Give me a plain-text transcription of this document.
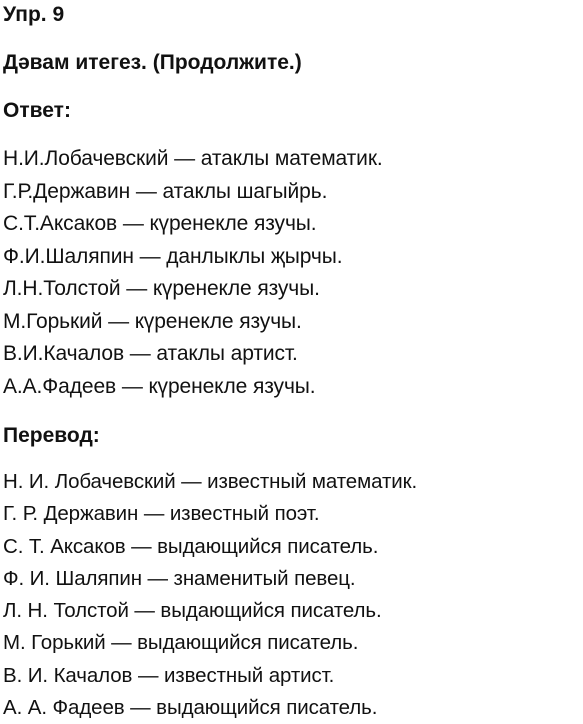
Упр. 9
Дәвам итегез. (Продолжите.)
Ответ:
Н.И.Лобачевский — атаклы математик.
Г.Р.Державин — атаклы шагыйрь.
С.Т.Аксаков — күренекле язучы.
Ф.И.Шаляпин — данлыклы җырчы.
Л.Н.Толстой — күренекле язучы.
М.Горький — күренекле язучы.
В.И.Качалов — атаклы артист.
А.А.Фадеев — күренекле язучы.
Перевод:
Н. И. Лобачевский — известный математик.
Г. Р. Державин — известный поэт.
С. Т. Аксаков — выдающийся писатель.
Ф. И. Шаляпин — знаменитый певец.
Л. Н. Толстой — выдающийся писатель.
М. Горький — выдающийся писатель.
В. И. Качалов — известный артист.
А. А. Фадеев — выдающийся писатель.
